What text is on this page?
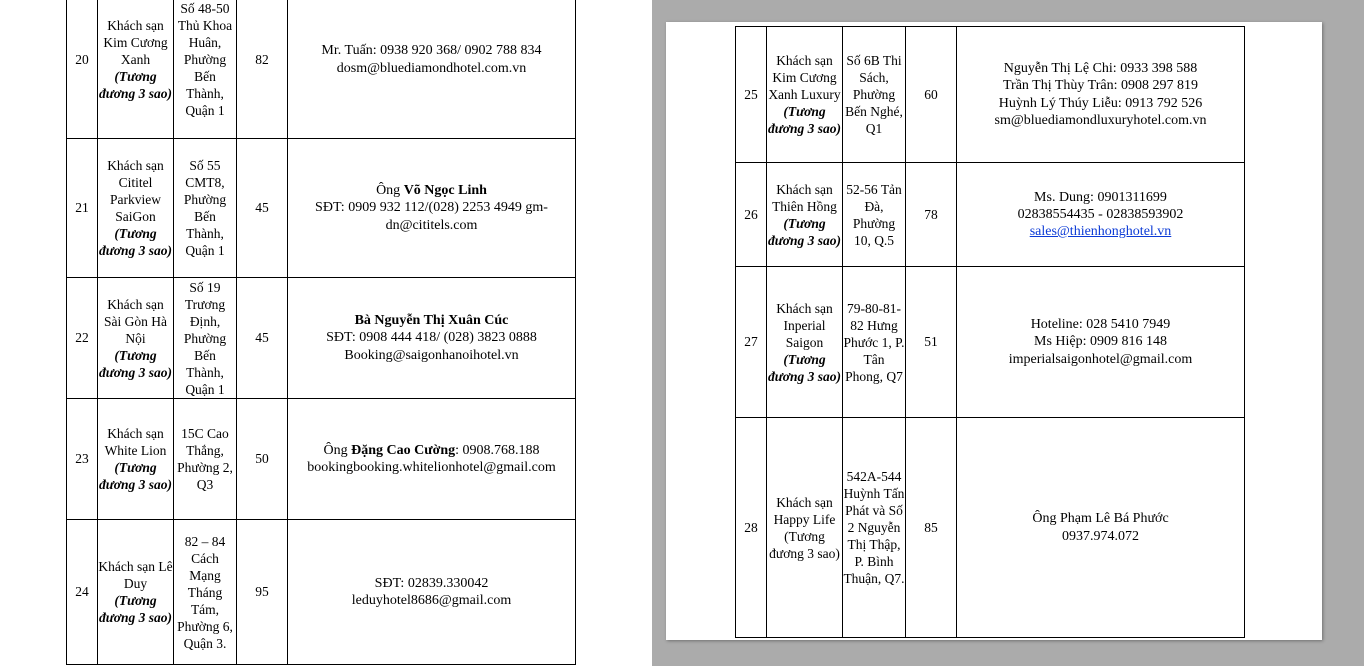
20	Khách sạn Kim Cương Xanh
(Tương đương 3 sao)	Số 48-50 Thủ Khoa Huân, Phường Bến Thành, Quận 1	82	Mr. Tuấn: 0938 920 368/ 0902 788 834
dosm@bluediamondhotel.com.vn

21	Khách sạn Cititel Parkview SaiGon
(Tương đương 3 sao)	Số 55 CMT8, Phường Bến Thành, Quận 1	45	Ông Võ Ngọc Linh
SĐT: 0909 932 112/(028) 2253 4949 gm-
dn@cititels.com

22	Khách sạn Sài Gòn Hà Nội
(Tương đương 3 sao)	Số 19 Trương Định, Phường Bến Thành, Quận 1	45	Bà Nguyễn Thị Xuân Cúc
SĐT: 0908 444 418/ (028) 3823 0888
Booking@saigonhanoihotel.vn

23	Khách sạn White Lion
(Tương đương 3 sao)	15C Cao Thắng, Phường 2, Q3	50	Ông Đặng Cao Cường: 0908.768.188
bookingbooking.whitelionhotel@gmail.com

24	Khách sạn Lê Duy
(Tương đương 3 sao)	82 – 84 Cách Mạng Tháng Tám, Phường 6, Quận 3.	95	SĐT: 02839.330042
leduyhotel8686@gmail.com
25	Khách sạn Kim Cương Xanh Luxury
(Tương đương 3 sao)	Số 6B Thi Sách, Phường Bến Nghé, Q1	60	Nguyễn Thị Lệ Chi: 0933 398 588
Trần Thị Thùy Trân: 0908 297 819
Huỳnh Lý Thúy Liễu: 0913 792 526
sm@bluediamondluxuryhotel.com.vn

26	Khách sạn Thiên Hồng
(Tương đương 3 sao)	52-56 Tản Đà, Phường 10, Q.5	78	Ms. Dung: 0901311699
02838554435 - 02838593902
sales@thienhonghotel.vn

27	Khách sạn Inperial Saigon
(Tương đương 3 sao)	79-80-81-82 Hưng Phước 1, P. Tân Phong, Q7	51	Hoteline: 028 5410 7949
Ms Hiệp: 0909 816 148
imperialsaigonhotel@gmail.com

28	Khách sạn Happy Life
(Tương đương 3 sao)	542A-544 Huỳnh Tấn Phát và Số 2 Nguyễn Thị Thập, P. Bình Thuận, Q7.	85	Ông Phạm Lê Bá Phước
0937.974.072
